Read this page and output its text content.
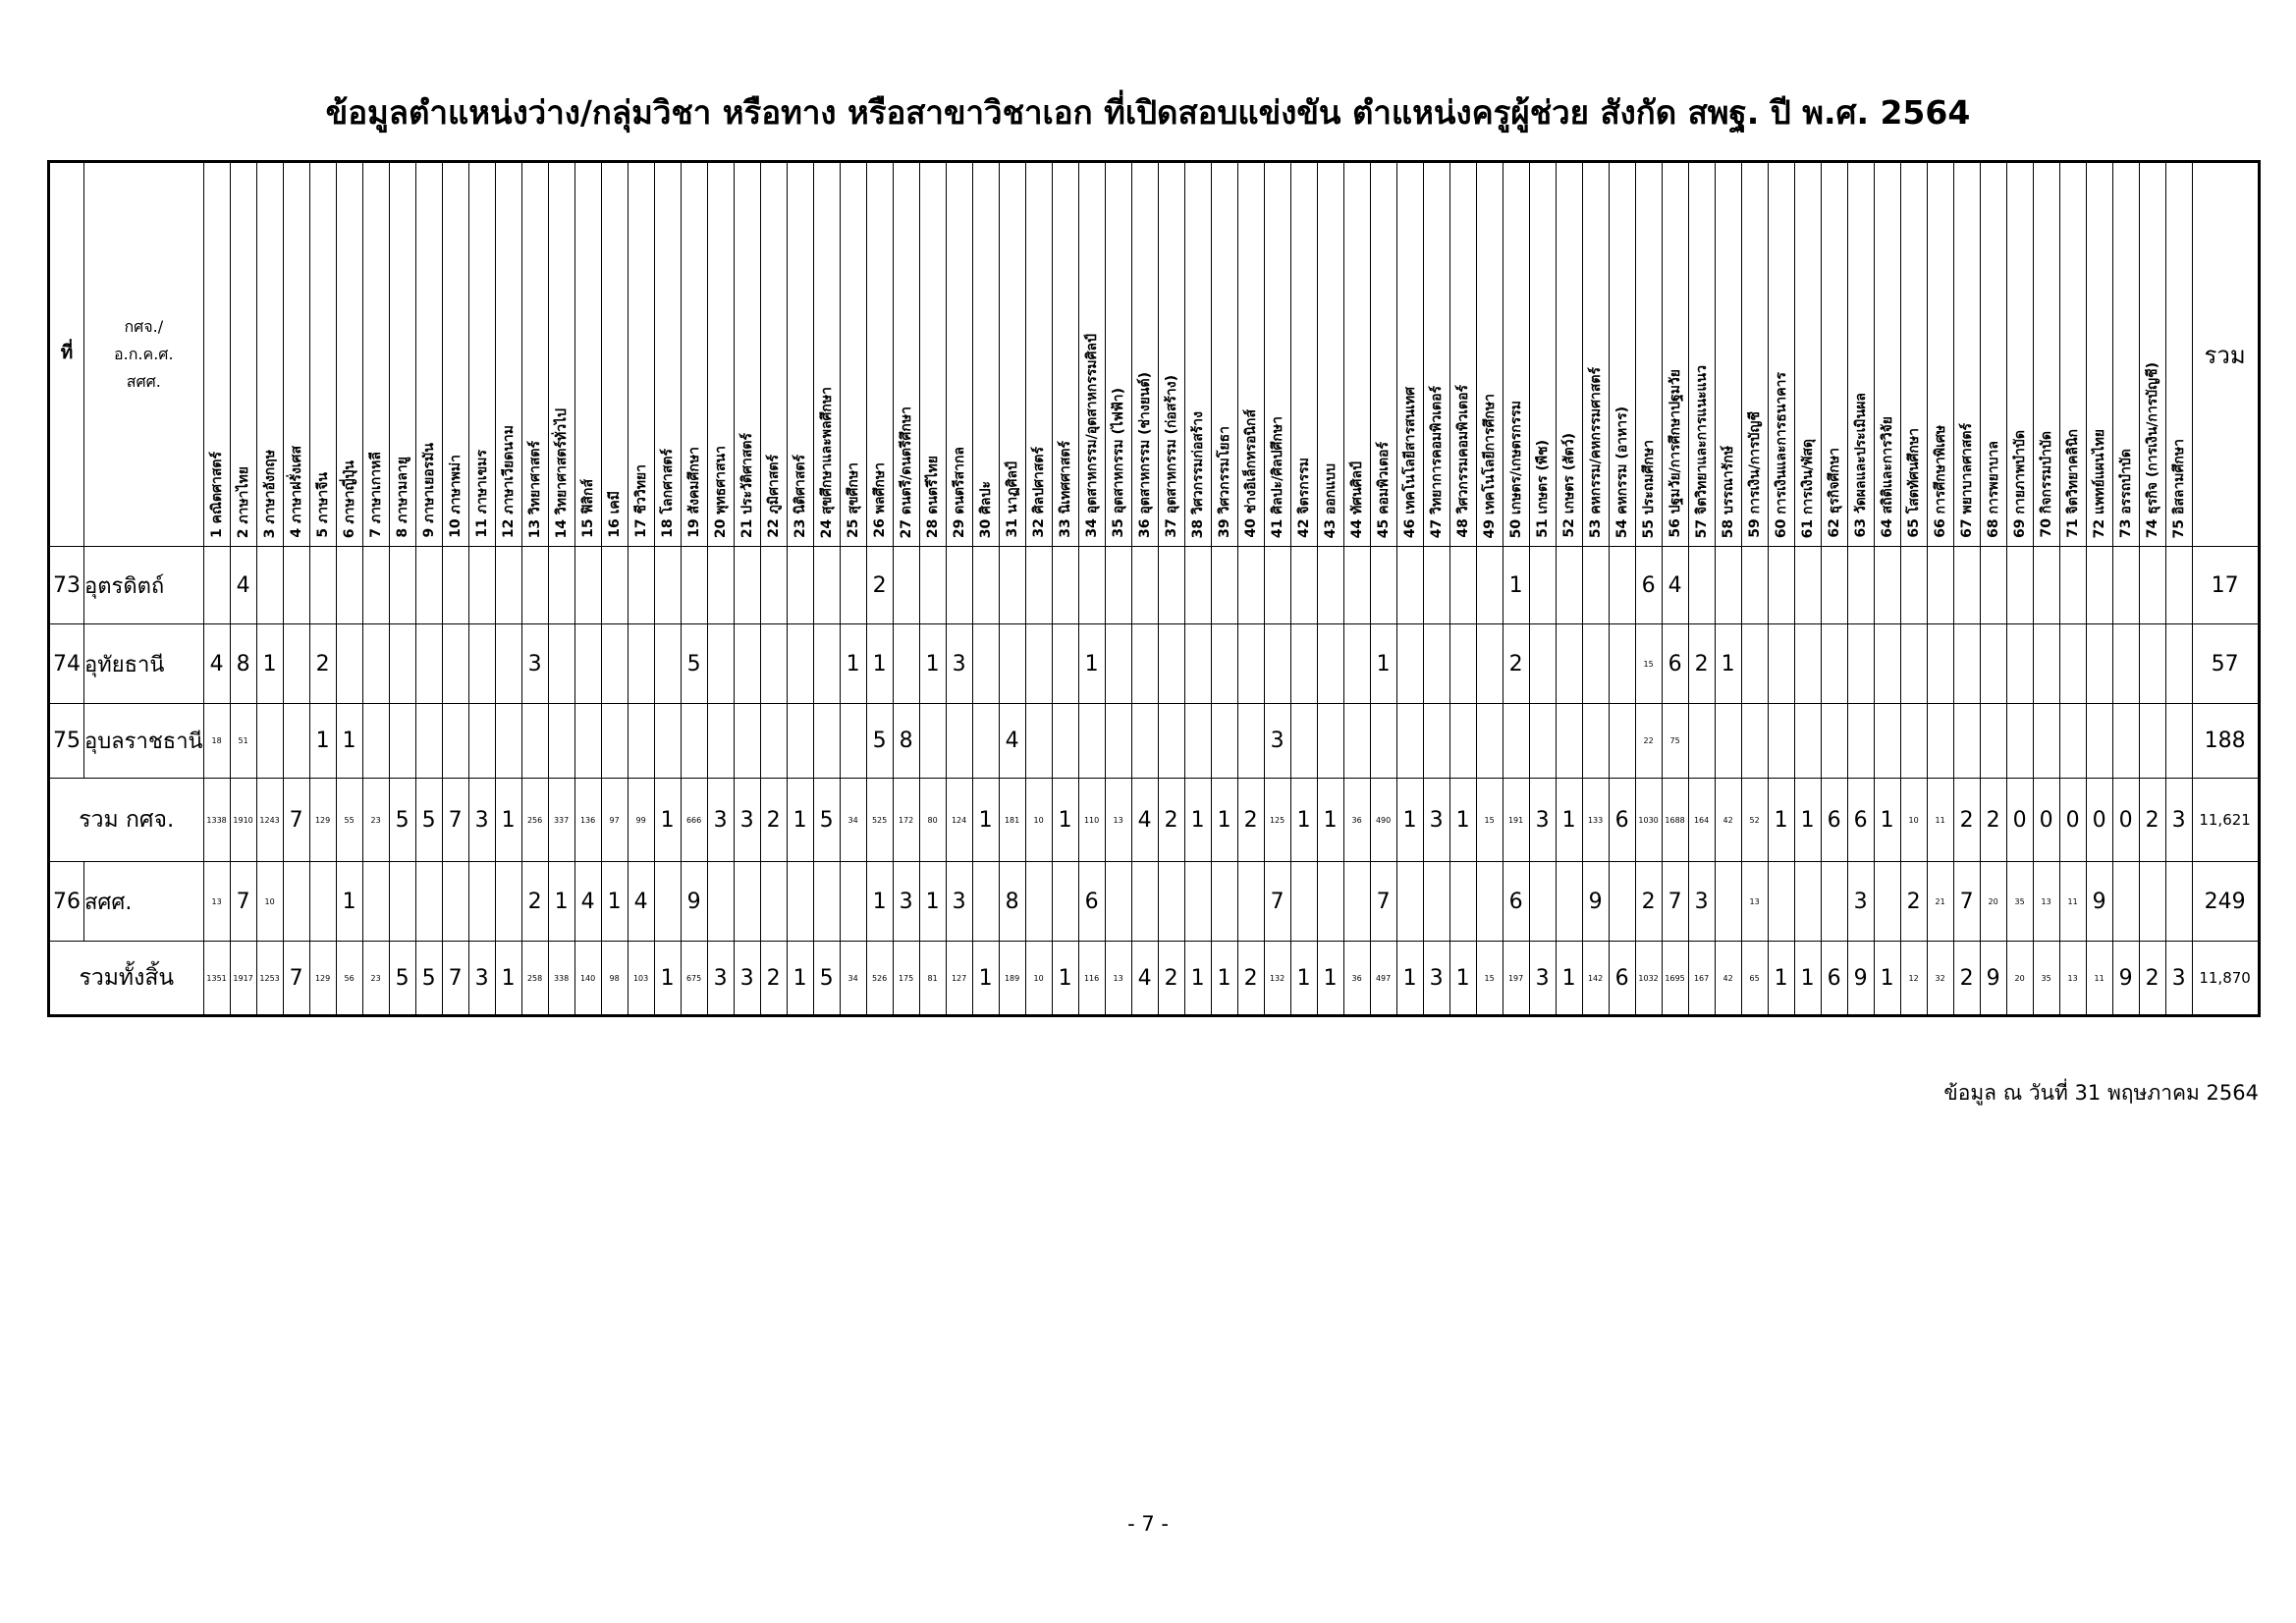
ข้อมูลตำแหน่งว่าง/กลุ่มวิชา หรือทาง หรือสาขาวิชาเอก ที่เปิดสอบแข่งขัน ตำแหน่งครูผู้ช่วย สังกัด สพฐ. ปี พ.ศ. 2564
ที่	กศจ./
อ.ก.ค.ศ.
สศศ.	1 คณิตศาสตร์	2 ภาษาไทย	3 ภาษาอังกฤษ	4 ภาษาฝรั่งเศส	5 ภาษาจีน	6 ภาษาญี่ปุ่น	7 ภาษาเกาหลี	8 ภาษามลายู	9 ภาษาเยอรมัน	10 ภาษาพม่า	11 ภาษาเขมร	12 ภาษาเวียดนาม	13 วิทยาศาสตร์	14 วิทยาศาสตร์ทั่วไป	15 ฟิสิกส์	16 เคมี	17 ชีววิทยา	18 โลกศาสตร์	19 สังคมศึกษา	20 พุทธศาสนา	21 ประวัติศาสตร์	22 ภูมิศาสตร์	23 นิติศาสตร์	24 สุขศึกษาและพลศึกษา	25 สุขศึกษา	26 พลศึกษา	27 ดนตรี/ดนตรีศึกษา	28 ดนตรีไทย	29 ดนตรีสากล	30 ศิลปะ	31 นาฏศิลป์	32 ศิลปศาสตร์	33 นิเทศศาสตร์	34 อุตสาหกรรม/อุตสาหกรรมศิลป์	35 อุตสาหกรรม (ไฟฟ้า)	36 อุตสาหกรรม (ช่างยนต์)	37 อุตสาหกรรม (ก่อสร้าง)	38 วิศวกรรมก่อสร้าง	39 วิศวกรรมโยธา	40 ช่างอิเล็กทรอนิกส์	41 ศิลปะ/ศิลปศึกษา	42 จิตรกรรม	43 ออกแบบ	44 ทัศนศิลป์	45 คอมพิวเตอร์	46 เทคโนโลยีสารสนเทศ	47 วิทยาการคอมพิวเตอร์	48 วิศวกรรมคอมพิวเตอร์	49 เทคโนโลยีการศึกษา	50 เกษตร/เกษตรกรรม	51 เกษตร (พืช)	52 เกษตร (สัตว์)	53 คหกรรม/คหกรรมศาสตร์	54 คหกรรม (อาหาร)	55 ประถมศึกษา	56 ปฐมวัย/การศึกษาปฐมวัย	57 จิตวิทยาและการแนะแนว	58 บรรณารักษ์	59 การเงิน/การบัญชี	60 การเงินและการธนาคาร	61 การเงิน/พัสดุ	62 ธุรกิจศึกษา	63 วัดผลและประเมินผล	64 สถิติและการวิจัย	65 โสตทัศนศึกษา	66 การศึกษาพิเศษ	67 พยาบาลศาสตร์	68 การพยาบาล	69 กายภาพบำบัด	70 กิจกรรมบำบัด	71 จิตวิทยาคลินิก	72 แพทย์แผนไทย	73 อรรถบำบัด	74 ธุรกิจ (การเงิน/การบัญชี)	75 อิสลามศึกษา	รวม
73	อุตรดิตถ์		4																								2																								1					6	4																				17
74	อุทัยธานี	4	8	1		2								3						5						1	1		1	3					1											1					2					15	6	2	1																		57
75	อุบลราชธานี	18	51			1	1																				5	8				4										3														22	75																				188
รวม กศจ.	1338	1910	1243	7	129	55	23	5	5	7	3	1	256	337	136	97	99	1	666	3	3	2	1	5	34	525	172	80	124	1	181	10	1	110	13	4	2	1	1	2	125	1	1	36	490	1	3	1	15	191	3	1	133	6	1030	1688	164	42	52	1	1	6	6	1	10	11	2	2	0	0	0	0	0	2	3	11,621
76	สศศ.	13	7	10			1							2	1	4	1	4		9							1	3	1	3		8			6							7				7					6			9		2	7	3		13				3		2	21	7	20	35	13	11	9				249
รวมทั้งสิ้น	1351	1917	1253	7	129	56	23	5	5	7	3	1	258	338	140	98	103	1	675	3	3	2	1	5	34	526	175	81	127	1	189	10	1	116	13	4	2	1	1	2	132	1	1	36	497	1	3	1	15	197	3	1	142	6	1032	1695	167	42	65	1	1	6	9	1	12	32	2	9	20	35	13	11	9	2	3	11,870
ข้อมูล ณ วันที่ 31 พฤษภาคม 2564
- 7 -
